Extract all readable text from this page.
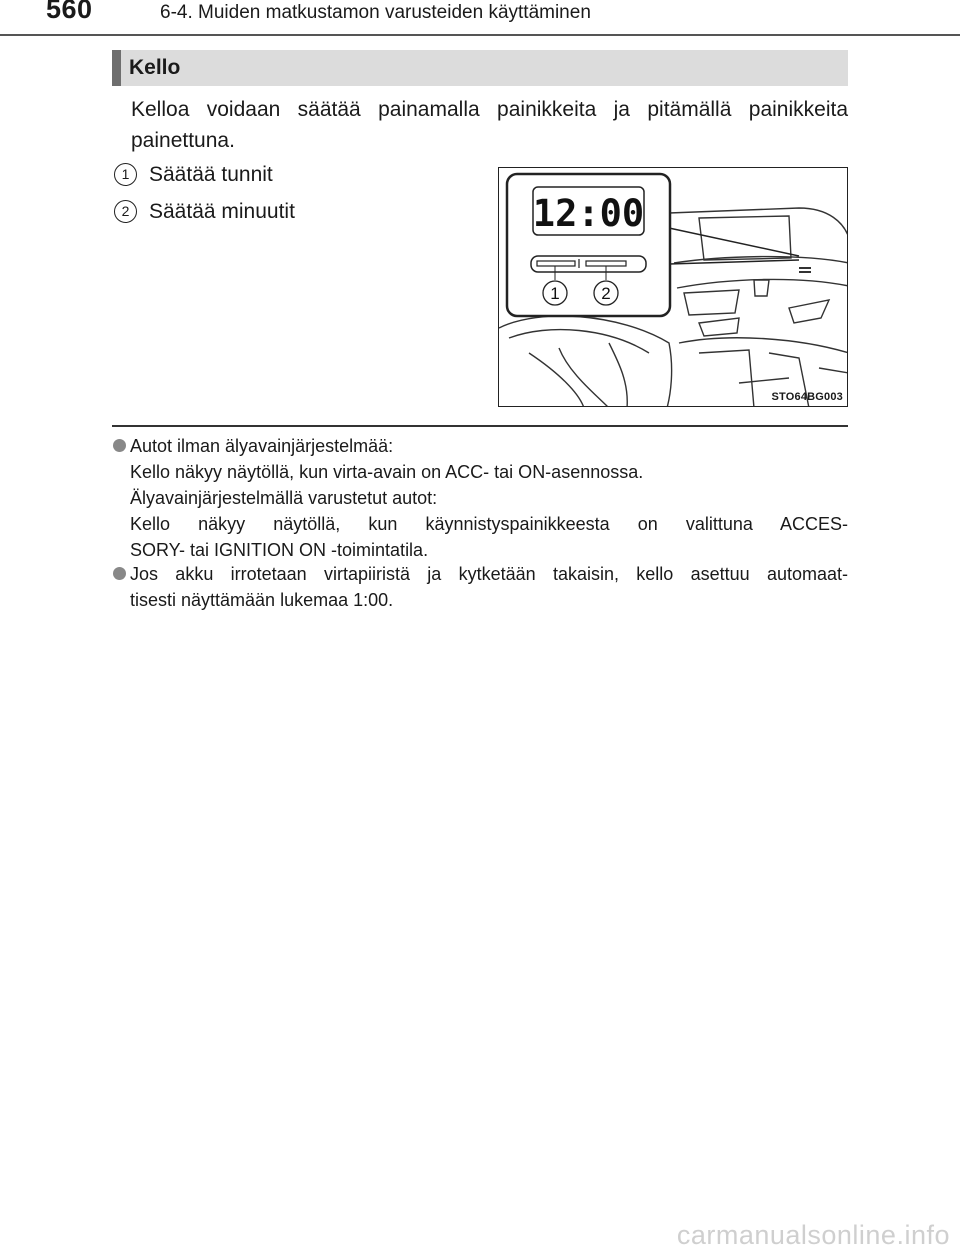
560	6-4. Muiden matkustamon varusteiden käyttäminen
Kello
Kelloa voidaan säätää painamalla painikkeita ja pitämällä painikkeita painettuna.
1 Säätää tunnit
2 Säätää minuutit	12:00
1 2
STO64BG003

Autot ilman älyavainjärjestelmää:

Kello näkyy näytöllä, kun virta-avain on ACC- tai ON-asennossa.

Älyavainjärjestelmällä varustetut autot:

Kello näkyy näytöllä, kun käynnistyspainikkeesta on valittuna ACCES-

SORY- tai IGNITION ON -toimintatila.

Jos akku irrotetaan virtapiiristä ja kytketään takaisin, kello asettuu automaat-

tisesti näyttämään lukemaa 1:00.

carmanualsonline.info
